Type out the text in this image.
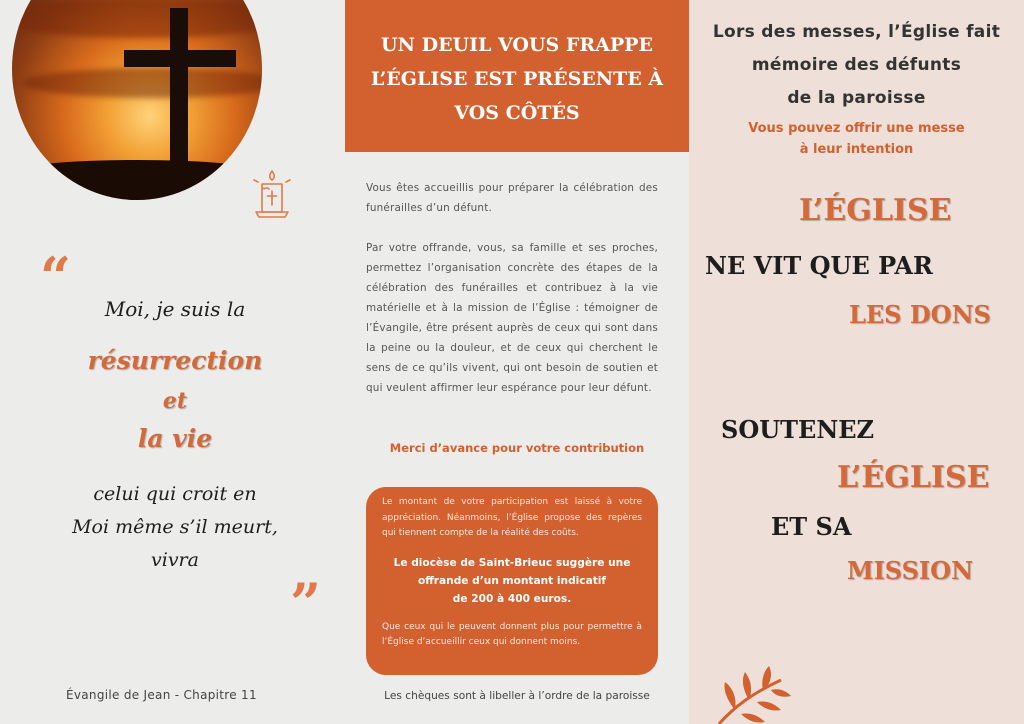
“	Moi, je suis la
résurrection
et
la vie
celui qui croit en
Moi même s’il meurt,
vivra
”
Évangile de Jean - Chapitre 11
UN DEUIL VOUS FRAPPE
L’ÉGLISE EST PRÉSENTE À
VOS CÔTÉS

Vous êtes accueillis pour préparer la célébration des funérailles d’un défunt.

Par votre offrande, vous, sa famille et ses proches, permettez l’organisation concrète des étapes de la célébration des funérailles et contribuez à la vie matérielle et à la mission de l’Église : témoigner de l’Évangile, être présent auprès de ceux qui sont dans la peine ou la douleur, et de ceux qui cherchent le sens de ce qu’ils vivent, qui ont besoin de soutien et qui veulent affirmer leur espérance pour leur défunt.

Merci d’avance pour votre contribution

Le montant de votre participation est laissé à votre appréciation. Néanmoins, l’Église propose des repères qui tiennent compte de la réalité des coûts.

Le diocèse de Saint-Brieuc suggère une
offrande d’un montant indicatif
de 200 à 400 euros.

Que ceux qui le peuvent donnent plus pour permettre à l’Église d’accueillir ceux qui donnent moins.

Les chèques sont à libeller à l’ordre de la paroisse
Lors des messes, l’Église fait
mémoire des défunts
de la paroisse
Vous pouvez offrir une messe
à leur intention
L’ÉGLISE
NE VIT QUE PAR
LES DONS
SOUTENEZ
L’ÉGLISE
ET SA
MISSION
